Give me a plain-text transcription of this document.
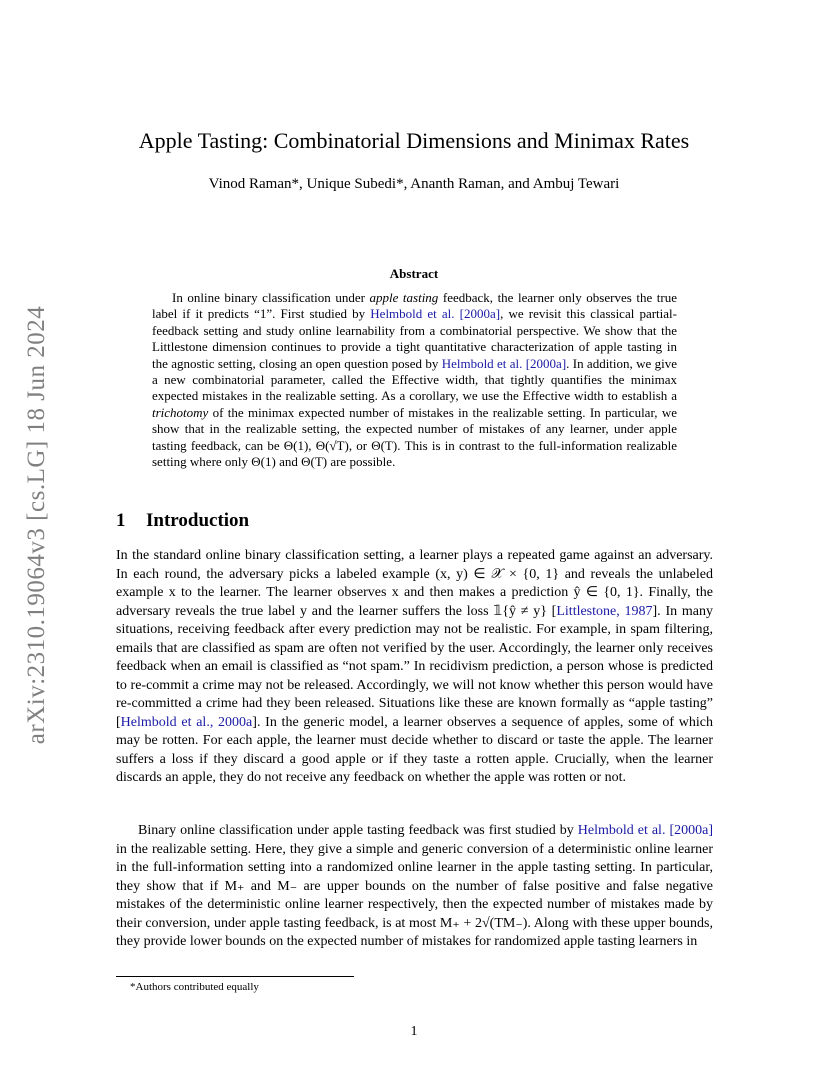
arXiv:2310.19064v3 [cs.LG] 18 Jun 2024
Apple Tasting: Combinatorial Dimensions and Minimax Rates
Vinod Raman*, Unique Subedi*, Ananth Raman, and Ambuj Tewari
Abstract
In online binary classification under apple tasting feedback, the learner only observes the true label if it predicts “1”. First studied by Helmbold et al. [2000a], we revisit this classical partial-feedback setting and study online learnability from a combinatorial perspective. We show that the Littlestone dimension continues to provide a tight quantitative characterization of apple tasting in the agnostic setting, closing an open question posed by Helmbold et al. [2000a]. In addition, we give a new combinatorial parameter, called the Effective width, that tightly quantifies the minimax expected mistakes in the realizable setting. As a corollary, we use the Effective width to establish a trichotomy of the minimax expected number of mistakes in the realizable setting. In particular, we show that in the realizable setting, the expected number of mistakes of any learner, under apple tasting feedback, can be Θ(1), Θ(√T), or Θ(T). This is in contrast to the full-information realizable setting where only Θ(1) and Θ(T) are possible.
1 Introduction
In the standard online binary classification setting, a learner plays a repeated game against an adversary. In each round, the adversary picks a labeled example (x, y) ∈ 𝒳 × {0, 1} and reveals the unlabeled example x to the learner. The learner observes x and then makes a prediction ŷ ∈ {0, 1}. Finally, the adversary reveals the true label y and the learner suffers the loss 𝟙{ŷ ≠ y} [Littlestone, 1987]. In many situations, receiving feedback after every prediction may not be realistic. For example, in spam filtering, emails that are classified as spam are often not verified by the user. Accordingly, the learner only receives feedback when an email is classified as “not spam.” In recidivism prediction, a person whose is predicted to re-commit a crime may not be released. Accordingly, we will not know whether this person would have re-committed a crime had they been released. Situations like these are known formally as “apple tasting” [Helmbold et al., 2000a]. In the generic model, a learner observes a sequence of apples, some of which may be rotten. For each apple, the learner must decide whether to discard or taste the apple. The learner suffers a loss if they discard a good apple or if they taste a rotten apple. Crucially, when the learner discards an apple, they do not receive any feedback on whether the apple was rotten or not.
Binary online classification under apple tasting feedback was first studied by Helmbold et al. [2000a] in the realizable setting. Here, they give a simple and generic conversion of a deterministic online learner in the full-information setting into a randomized online learner in the apple tasting setting. In particular, they show that if M₊ and M₋ are upper bounds on the number of false positive and false negative mistakes of the deterministic online learner respectively, then the expected number of mistakes made by their conversion, under apple tasting feedback, is at most M₊ + 2√(TM₋). Along with these upper bounds, they provide lower bounds on the expected number of mistakes for randomized apple tasting learners in
*Authors contributed equally
1
